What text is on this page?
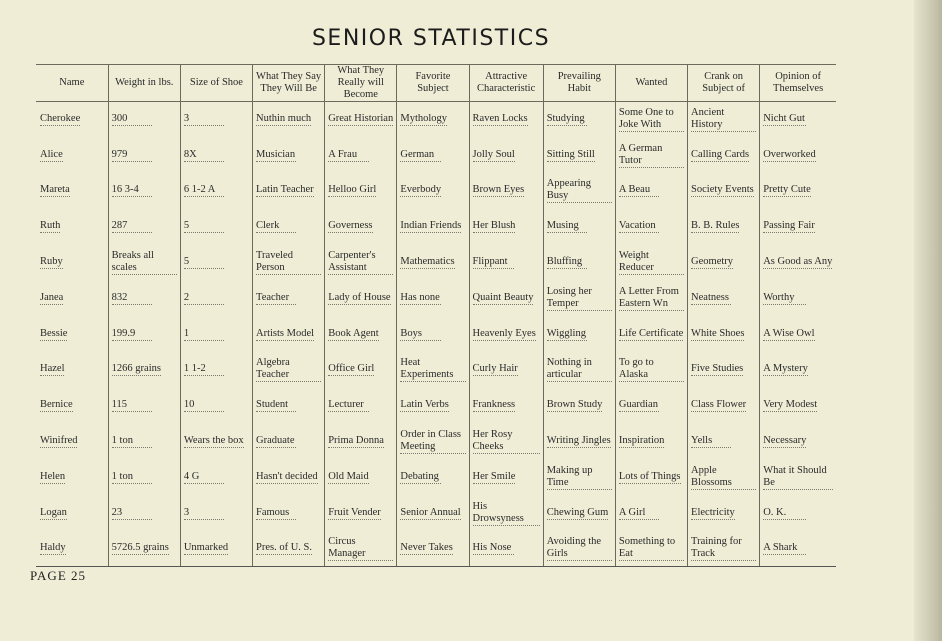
SENIOR STATISTICS
Name	Weight in lbs.	Size of Shoe	What They Say They Will Be	What They Really will Become	Favorite Subject	Attractive Characteristic	Prevailing Habit	Wanted	Crank on Subject of	Opinion of Themselves
Cherokee	300	3	Nuthin much	Great Historian	Mythology	Raven Locks	Studying	Some One to Joke With	Ancient History	Nicht Gut
Alice	979	8X	Musician	A Frau	German	Jolly Soul	Sitting Still	A German Tutor	Calling Cards	Overworked
Mareta	16 3-4	6 1-2 A	Latin Teacher	Helloo Girl	Everbody	Brown Eyes	Appearing Busy	A Beau	Society Events	Pretty Cute
Ruth	287	5	Clerk	Governess	Indian Friends	Her Blush	Musing	Vacation	B. B. Rules	Passing Fair
Ruby	Breaks all scales	5	Traveled Person	Carpenter's Assistant	Mathematics	Flippant	Bluffing	Weight Reducer	Geometry	As Good as Any
Janea	832	2	Teacher	Lady of House	Has none	Quaint Beauty	Losing her Temper	A Letter From Eastern Wn	Neatness	Worthy
Bessie	199.9	1	Artists Model	Book Agent	Boys	Heavenly Eyes	Wiggling	Life Certificate	White Shoes	A Wise Owl
Hazel	1266 grains	1 1-2	Algebra Teacher	Office Girl	Heat Experiments	Curly Hair	Nothing in articular	To go to Alaska	Five Studies	A Mystery
Bernice	115	10	Student	Lecturer	Latin Verbs	Frankness	Brown Study	Guardian	Class Flower	Very Modest
Winifred	1 ton	Wears the box	Graduate	Prima Donna	Order in Class Meeting	Her Rosy Cheeks	Writing Jingles	Inspiration	Yells	Necessary
Helen	1 ton	4 G	Hasn't decided	Old Maid	Debating	Her Smile	Making up Time	Lots of Things	Apple Blossoms	What it Should Be
Logan	23	3	Famous	Fruit Vender	Senior Annual	His Drowsyness	Chewing Gum	A Girl	Electricity	O. K.
Haldy	5726.5 grains	Unmarked	Pres. of U. S.	Circus Manager	Never Takes	His Nose	Avoiding the Girls	Something to Eat	Training for Track	A Shark
PAGE 25
